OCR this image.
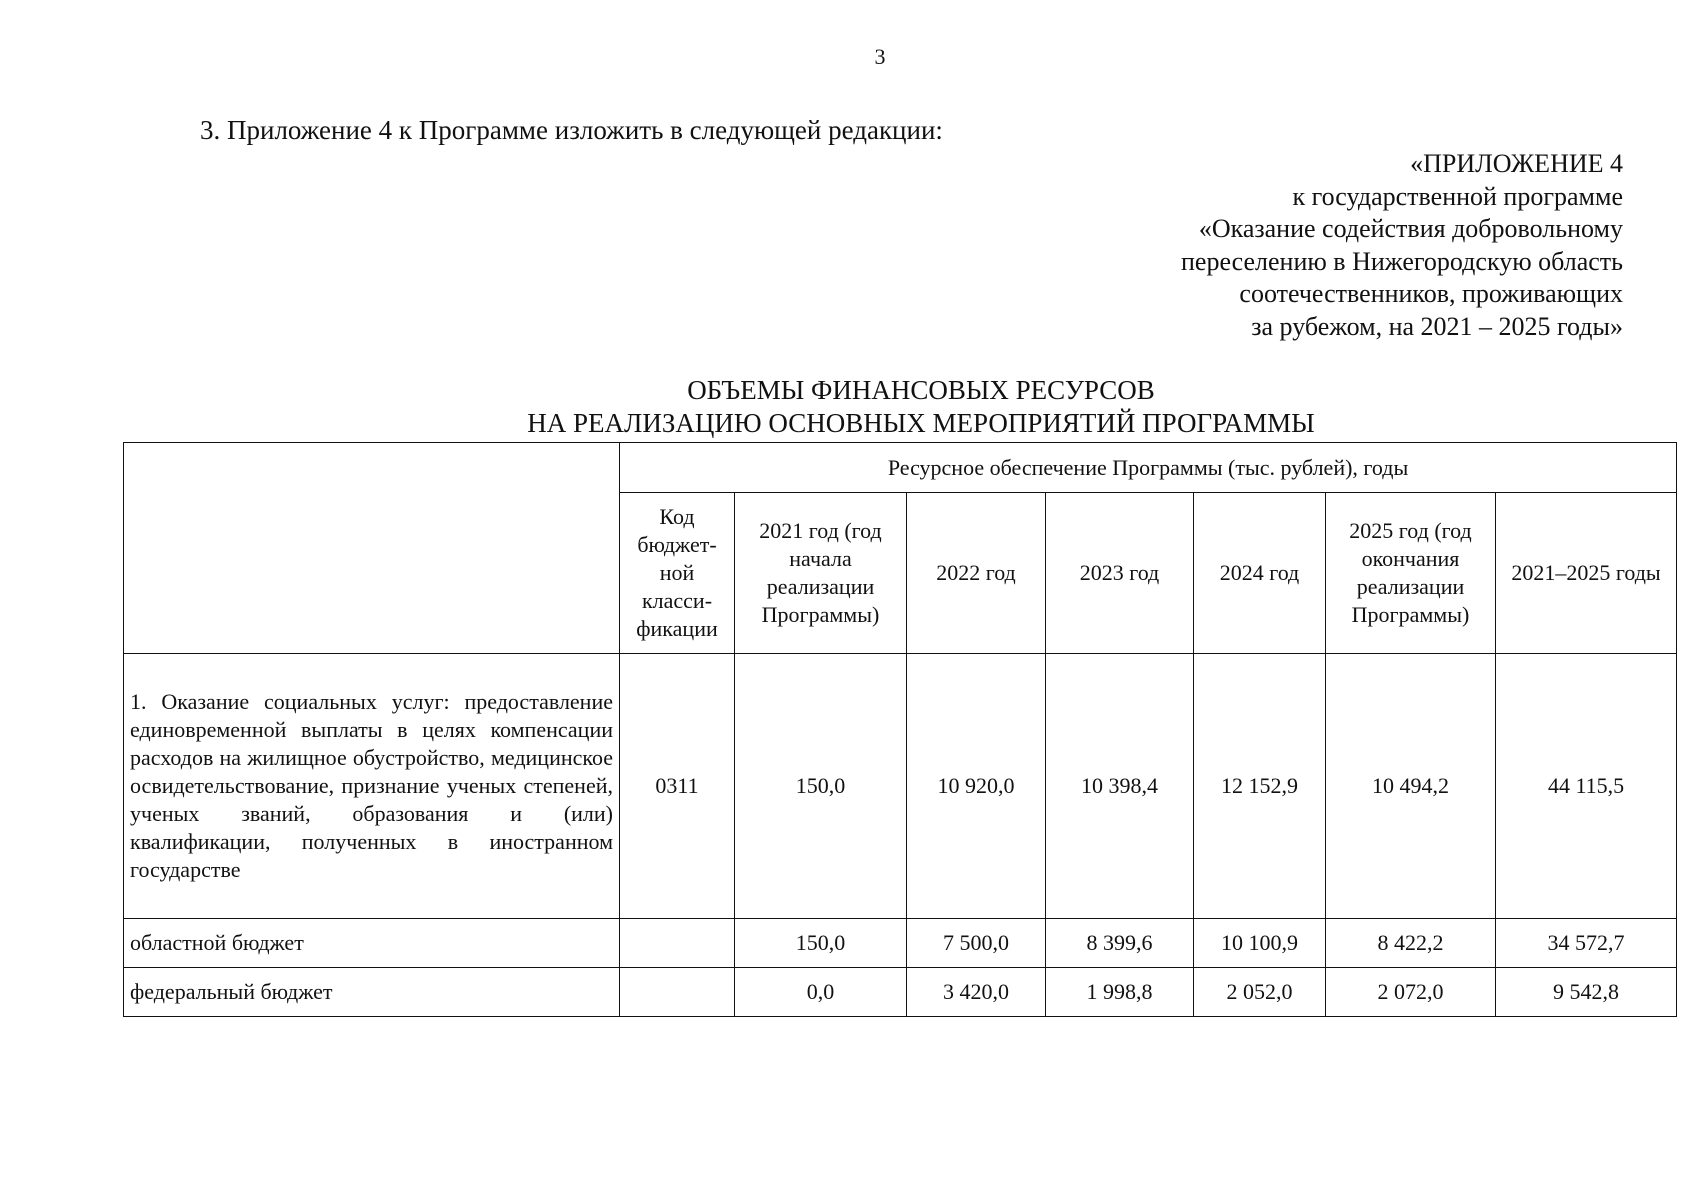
3
3. Приложение 4 к Программе изложить в следующей редакции:
«ПРИЛОЖЕНИЕ 4
к государственной программе
«Оказание содействия добровольному
переселению в Нижегородскую область
соотечественников, проживающих
за рубежом, на 2021 – 2025 годы»
ОБЪЕМЫ ФИНАНСОВЫХ РЕСУРСОВ
НА РЕАЛИЗАЦИЮ ОСНОВНЫХ МЕРОПРИЯТИЙ ПРОГРАММЫ
	Ресурсное обеспечение Программы (тыс. рублей), годы						
	Код бюджет-ной класси-фикации	2021 год (год начала реализации Программы)	2022 год	2023 год	2024 год	2025 год (год окончания реализации Программы)	2021–2025 годы
1. Оказание социальных услуг: предоставление единовременной выплаты в целях компенсации расходов на жилищное обустройство, медицинское освидетельствование, признание ученых степеней, ученых званий, образования и (или) квалификации, полученных в иностранном государстве	0311	150,0	10 920,0	10 398,4	12 152,9	10 494,2	44 115,5
областной бюджет		150,0	7 500,0	8 399,6	10 100,9	8 422,2	34 572,7
федеральный бюджет		0,0	3 420,0	1 998,8	2 052,0	2 072,0	9 542,8
